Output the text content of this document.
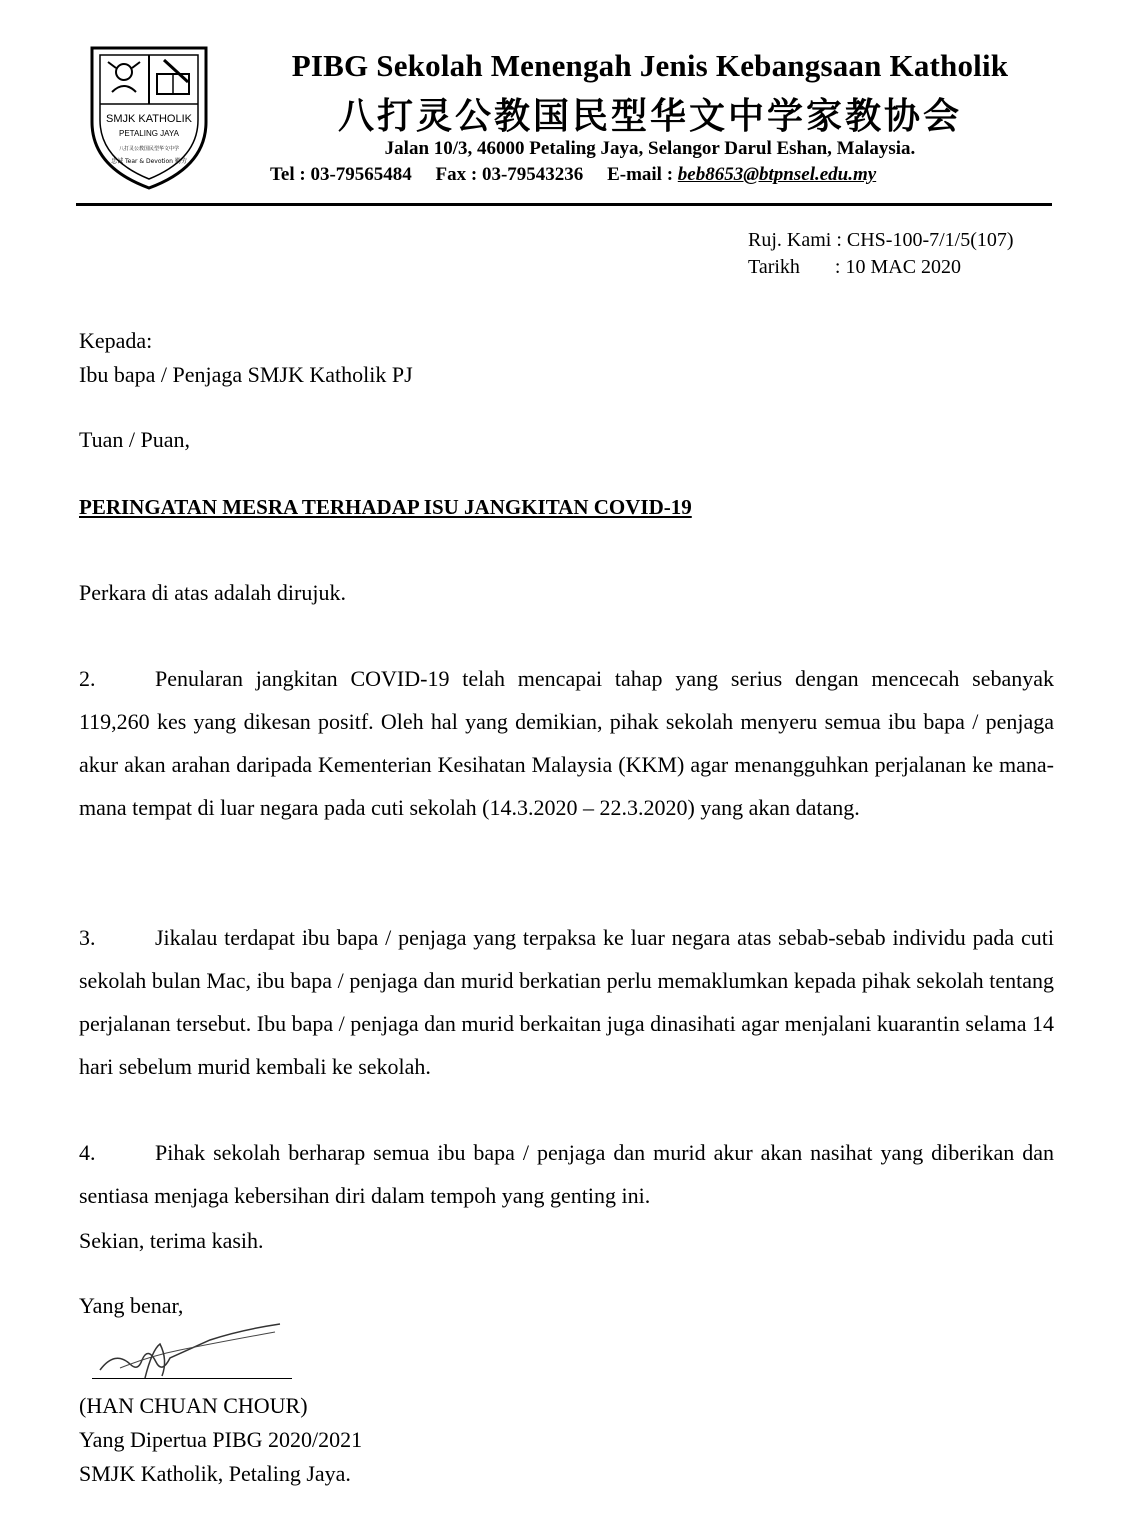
SMJK KATHOLIK
PETALING JAYA
忠诚 Tear & Devotion 勤劳
八打灵公教国民型华文中学
PIBG Sekolah Menengah Jenis Kebangsaan Katholik
八打灵公教国民型华文中学家教协会
Jalan 10/3, 46000 Petaling Jaya, Selangor Darul Eshan, Malaysia.
Tel : 03-79565484 Fax : 03-79543236 E-mail : beb8653@btpnsel.edu.my
Ruj. Kami : CHS-100-7/1/5(107)
Tarikh       : 10 MAC 2020
Kepada:
Ibu bapa / Penjaga SMJK Katholik PJ
Tuan / Puan,
PERINGATAN MESRA TERHADAP ISU JANGKITAN COVID-19
Perkara di atas adalah dirujuk.
2.	Penularan jangkitan COVID-19 telah mencapai tahap yang serius dengan mencecah sebanyak 119,260 kes yang dikesan positf. Oleh hal yang demikian, pihak sekolah menyeru semua ibu bapa / penjaga akur akan arahan daripada Kementerian Kesihatan Malaysia (KKM) agar menangguhkan perjalanan ke mana-mana tempat di luar negara pada cuti sekolah (14.3.2020 – 22.3.2020) yang akan datang.
3.	Jikalau terdapat ibu bapa / penjaga yang terpaksa ke luar negara atas sebab-sebab individu pada cuti sekolah bulan Mac, ibu bapa / penjaga dan murid berkatian perlu memaklumkan kepada pihak sekolah tentang perjalanan tersebut. Ibu bapa / penjaga dan murid berkaitan juga dinasihati agar menjalani kuarantin selama 14 hari sebelum murid kembali ke sekolah.
4.	Pihak sekolah berharap semua ibu bapa / penjaga dan murid akur akan nasihat yang diberikan dan sentiasa menjaga kebersihan diri dalam tempoh yang genting ini.
Sekian, terima kasih.
Yang benar,
(HAN CHUAN CHOUR)
Yang Dipertua PIBG 2020/2021
SMJK Katholik, Petaling Jaya.
